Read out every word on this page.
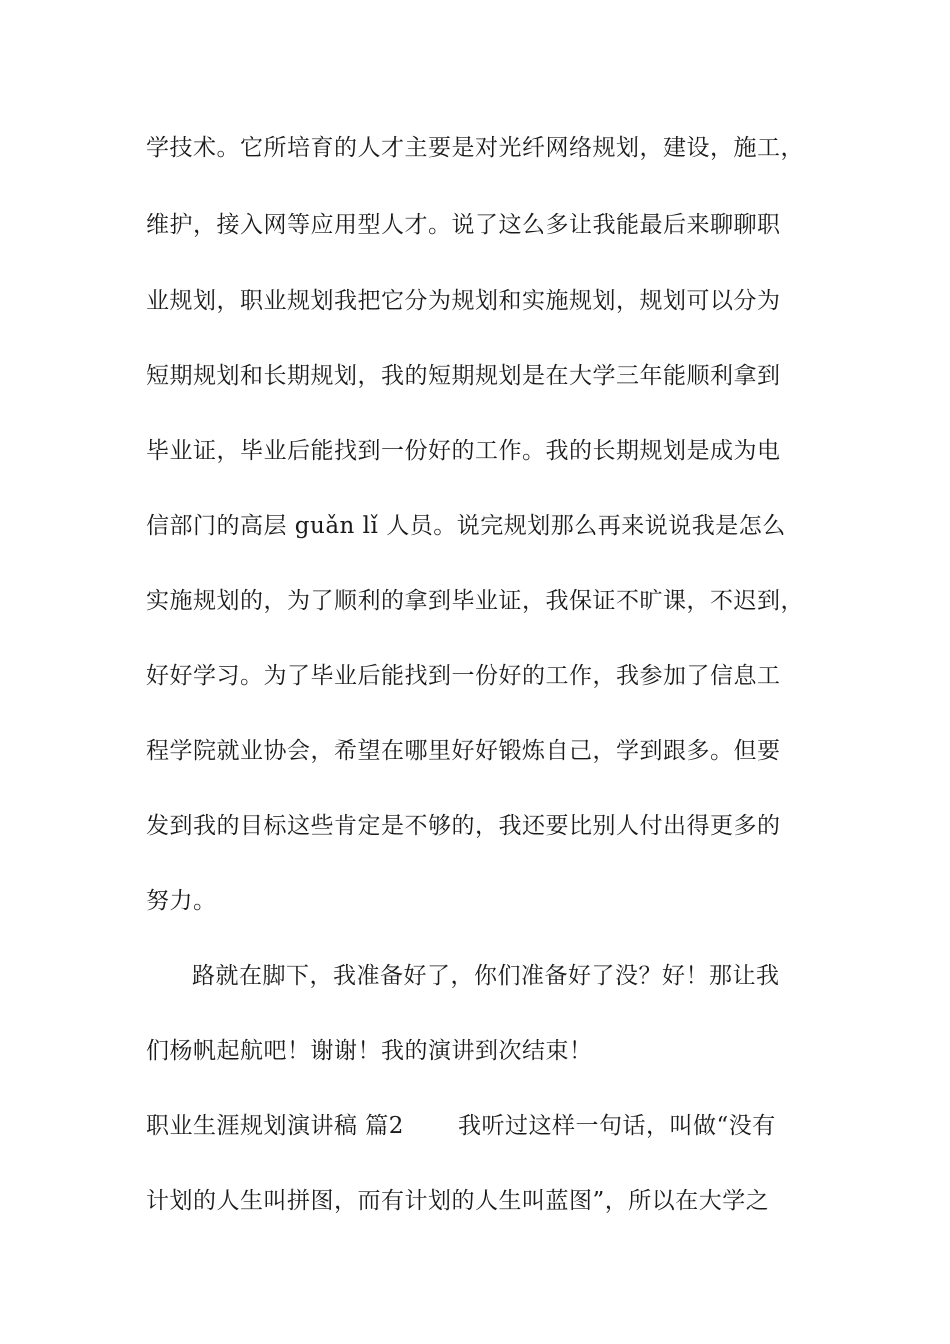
学技术。它所培育的人才主要是对光纤网络规划，建设，施工，
维护，接入网等应用型人才。说了这么多让我能最后来聊聊职
业规划，职业规划我把它分为规划和实施规划，规划可以分为
短期规划和长期规划，我的短期规划是在大学三年能顺利拿到
毕业证，毕业后能找到一份好的工作。我的长期规划是成为电
信部门的高层 guǎn lǐ 人员。说完规划那么再来说说我是怎么
实施规划的，为了顺利的拿到毕业证，我保证不旷课，不迟到，
好好学习。为了毕业后能找到一份好的工作，我参加了信息工
程学院就业协会，希望在哪里好好锻炼自己，学到跟多。但要
发到我的目标这些肯定是不够的，我还要比别人付出得更多的
努力。
路就在脚下，我准备好了，你们准备好了没？好！那让我
们杨帆起航吧！谢谢！我的演讲到次结束！
职业生涯规划演讲稿 篇2 我听过这样一句话，叫做“没有
计划的人生叫拼图，而有计划的人生叫蓝图”，所以在大学之
